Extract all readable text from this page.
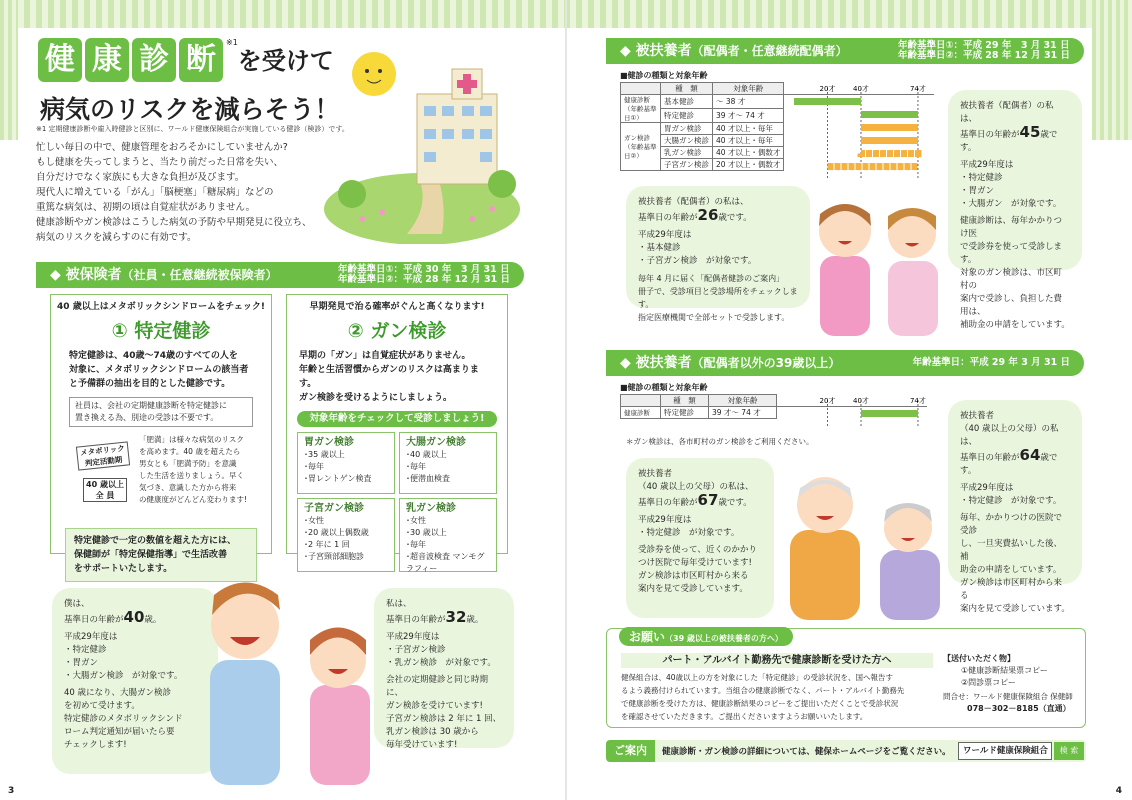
健 康 診 断 $^{※1}$を受けて
病気のリスクを減らそう！
※1 定期健康診断や雇入時健診と区別に、ワールド健康保険組合が実施している健診（検診）です。
忙しい毎日の中で、健康管理をおろそかにしていませんか?
もし健康を失ってしまうと、当たり前だった日常を失い、
自分だけでなく家族にも大きな負担が及びます。
現代人に増えている「がん」「脳梗塞」「糖尿病」などの
重篤な病気は、初期の頃は自覚症状がありません。
健康診断やガン検診はこうした病気の予防や早期発見に役立ち、
病気のリスクを減らすのに有効です。
◆ 被保険者（社員・任意継続被保険者）	年齢基準日①：平成 30 年　3 月 31 日
年齢基準日②：平成 28 年 12 月 31 日
40 歳以上はメタボリックシンドロームをチェック!
① 特定健診
特定健診は、40歳～74歳のすべての人を
対象に、メタボリックシンドロームの該当者
と予備群の抽出を目的とした健診です。
社員は、会社の定期健康診断を特定健診に
置き換える為、別途の受診は不要です。
メタボリック
判定活動期
40 歳以上
全 員
「肥満」は様々な病気のリスク
を高めます。40 歳を超えたら
男女とも「肥満予防」を意識
した生活を送りましょう。早く
気づき、意識した方から将来
の健康度がどんどん変わります!
特定健診で一定の数値を超えた方には、
保健師が「特定保健指導」で生活改善
をサポートいたします。
早期発見で治る確率がぐんと高くなります!
② ガン検診
早期の「ガン」は自覚症状がありません。
年齢と生活習慣からガンのリスクは高まります。
ガン検診を受けるようにしましょう。
対象年齢をチェックして受診しましょう!
胃ガン検診
･35 歳以上
･毎年
･胃レントゲン検査
大腸ガン検診
･40 歳以上
･毎年
･便潜血検査
子宮ガン検診
･女性
･20 歳以上偶数歳
･2 年に 1 回
･子宮頸部細胞診
乳ガン検診
･女性
･30 歳以上
･毎年
･超音波検査 マンモグラフィー
僕は、
基準日の年齢が40歳。
平成29年度は
・特定健診
・胃ガン
・大腸ガン検診　が対象です。
40 歳になり、大腸ガン検診
を初めて受けます。
特定健診のメタボリックシンド
ローム判定通知が届いたら要
チェックします!
私は、
基準日の年齢が32歳。
平成29年度は
・子宮ガン検診
・乳ガン検診　が対象です。
会社の定期健診と同じ時期に、
ガン検診を受けています!
子宮ガン検診は 2 年に 1 回、
乳ガン検診は 30 歳から
毎年受けています!
3
◆ 被扶養者（配偶者・任意継続配偶者）	年齢基準日①：平成 29 年　3 月 31 日
年齢基準日②：平成 28 年 12 月 31 日
■健診の種類と対象年齢
	種　類	対象年齢	
健康診断（年齢基準日①）	基本健診	～ 38 才	
	特定健診	39 才～ 74 才	
ガン検診（年齢基準日②）	胃ガン検診	40 才以上・毎年	
	大腸ガン検診	40 才以上・毎年	
	乳ガン検診	40 才以上・偶数才	
	子宮ガン検診	20 才以上・偶数才	
20才	40才	74才
被扶養者（配偶者）の私は、
基準日の年齢が45歳です。
平成29年度は
・特定健診
・胃ガン
・大腸ガン　が対象です。
健康診断は、毎年かかりつけ医
で受診券を使って受診します。
対象のガン検診は、市区町村の
案内で受診し、負担した費用は、
補助金の申請をしています。
被扶養者（配偶者）の私は、
基準日の年齢が26歳です。
平成29年度は
・基本健診
・子宮ガン検診　が対象です。
毎年 4 月に届く「配偶者健診のご案内」
冊子で、受診項目と受診場所をチェックします。
指定医療機関で全部セットで受診します。
◆ 被扶養者（配偶者以外の39歳以上）	年齢基準日：平成 29 年 3 月 31 日
■健診の種類と対象年齢
	種　類	対象年齢	
健康診断	特定健診	39 才～ 74 才	
20才	40才	74才
＊ガン検診は、各市町村のガン検診をご利用ください。
被扶養者
（40 歳以上の父母）の私は、
基準日の年齢が64歳です。
平成29年度は
・特定健診　が対象です。
毎年、かかりつけの医院で受診
し、一旦実費払いした後、補
助金の申請をしています。
ガン検診は市区町村から来る
案内を見て受診しています。
被扶養者
（40 歳以上の父母）の私は、
基準日の年齢が67歳です。
平成29年度は
・特定健診　が対象です。
受診券を使って、近くのかかり
つけ医院で毎年受けています!
ガン検診は市区町村から来る
案内を見て受診しています。
お願い（39 歳以上の被扶養者の方へ）
パート・アルバイト勤務先で健康診断を受けた方へ
健保組合は、40歳以上の方を対象にした「特定健診」の受診状況を、国へ報告す
るよう義務付けられています。当組合の健康診断でなく、パート・アルバイト勤務先
で健康診断を受けた方は、健康診断結果のコピーをご提出いただくことで受診状況
を確認させていただきます。ご提出くださいますようお願いいたします。
【送付いただく物】
①健康診断結果票コピー
②問診票コピー
問合せ：ワールド健康保険組合 保健師
078－302－8185（直通）
ご案内	健康診断・ガン検診の詳細については、健保ホームページをご覧ください。	ワールド健康保険組合	検 索
4
